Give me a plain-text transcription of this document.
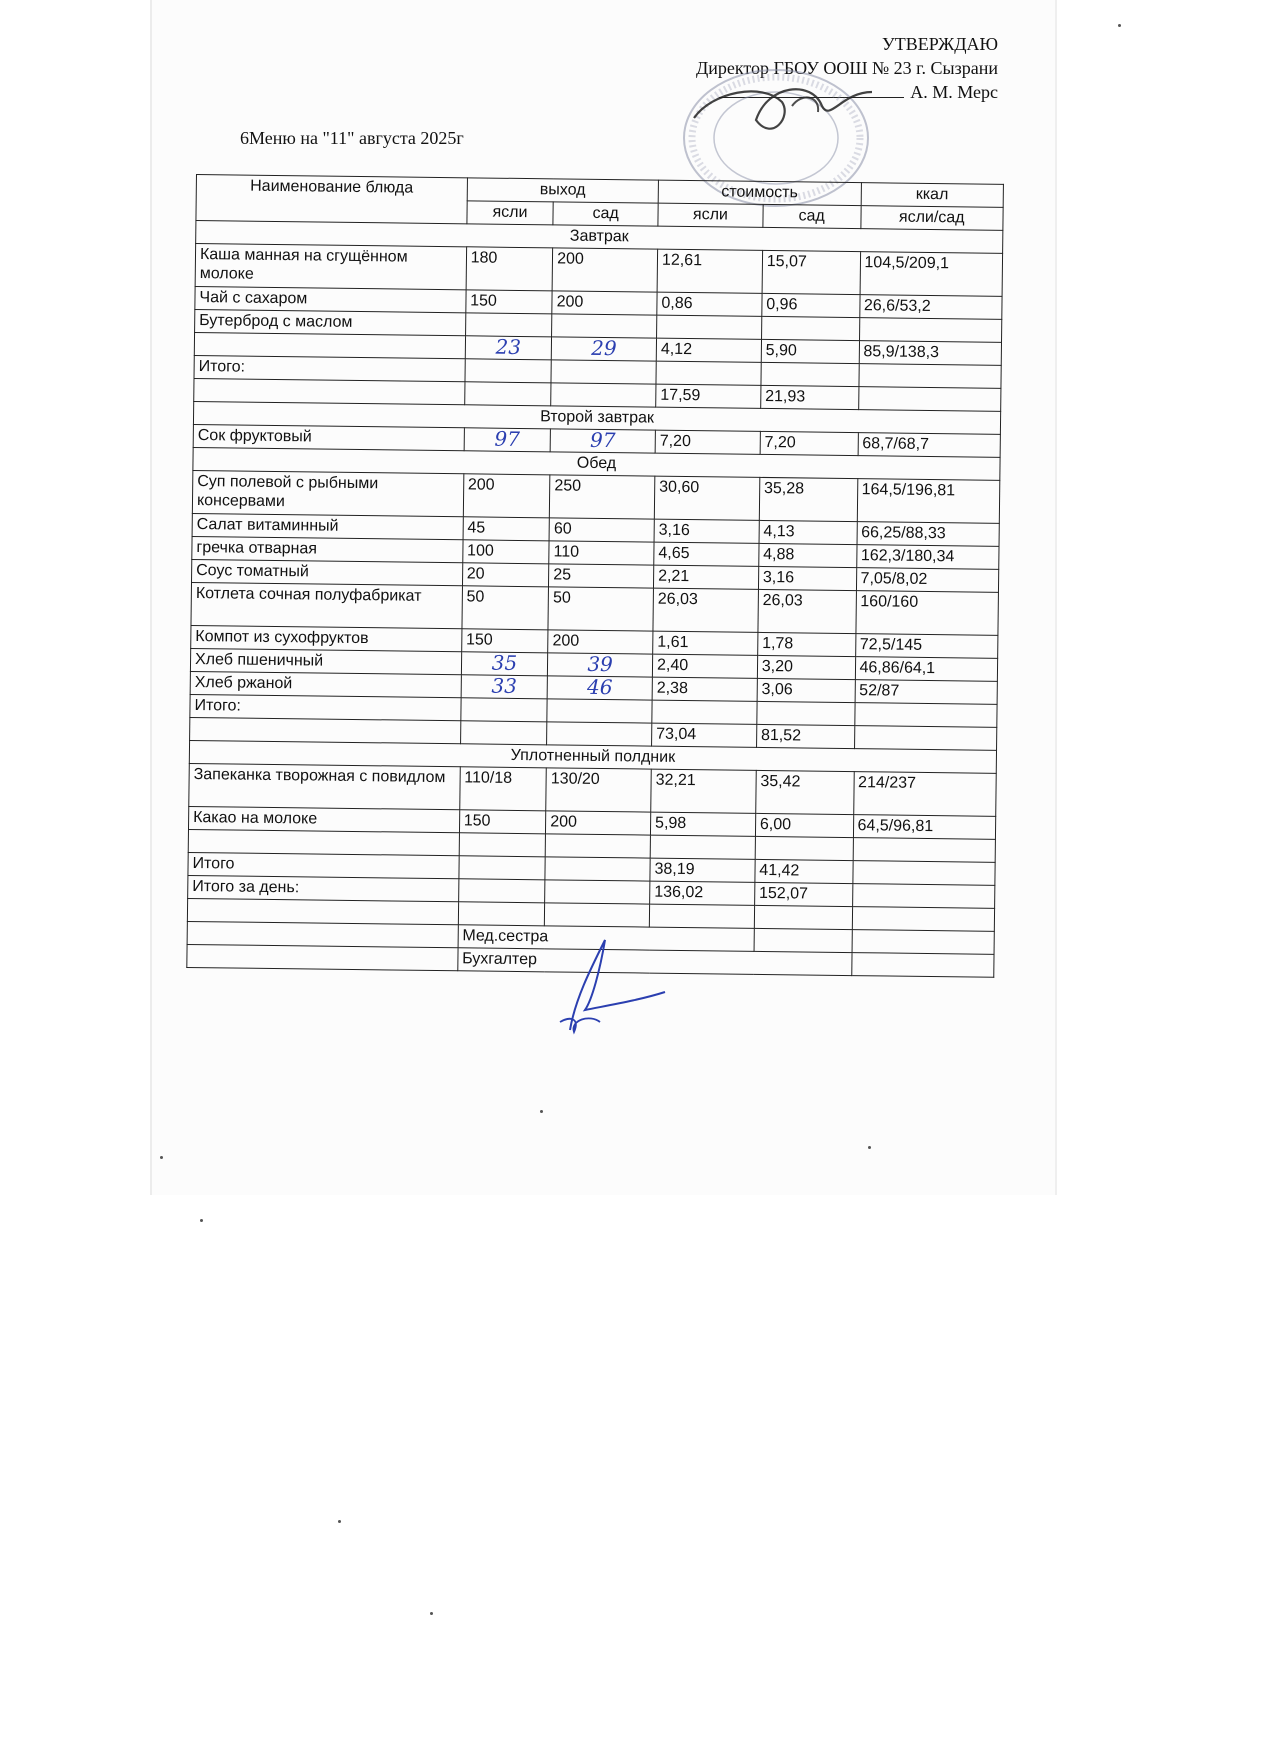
УТВЕРЖДАЮ
Директор ГБОУ ООШ № 23 г. Сызрани
А. М. Мерс
6Меню на "11" августа 2025г
Наименование блюда	выход		стоимость		ккал
	ясли	сад	ясли	сад	ясли/сад
Завтрак					
Каша манная на сгущённом молоке	180	200	12,61	15,07	104,5/209,1
Чай с сахаром	150	200	0,86	0,96	26,6/53,2
Бутерброд с маслом					
	23	29	4,12	5,90	85,9/138,3
Итого:					
			17,59	21,93	
Второй завтрак					
Сок фруктовый	97	97	7,20	7,20	68,7/68,7
Обед					
Суп полевой с рыбными консервами	200	250	30,60	35,28	164,5/196,81
Салат витаминный	45	60	3,16	4,13	66,25/88,33
гречка отварная	100	110	4,65	4,88	162,3/180,34
Соус томатный	20	25	2,21	3,16	7,05/8,02
Котлета сочная полуфабрикат	50	50	26,03	26,03	160/160
Компот из сухофруктов	150	200	1,61	1,78	72,5/145
Хлеб пшеничный	35	39	2,40	3,20	46,86/64,1
Хлеб ржаной	33	46	2,38	3,06	52/87
Итого:					
			73,04	81,52	
Уплотненный полдник					
Запеканка творожная с повидлом	110/18	130/20	32,21	35,42	214/237
Какао на молоке	150	200	5,98	6,00	64,5/96,81

Итого			38,19	41,42	
Итого за день:			136,02	152,07	

	Мед.сестра				
	Бухгалтер				
